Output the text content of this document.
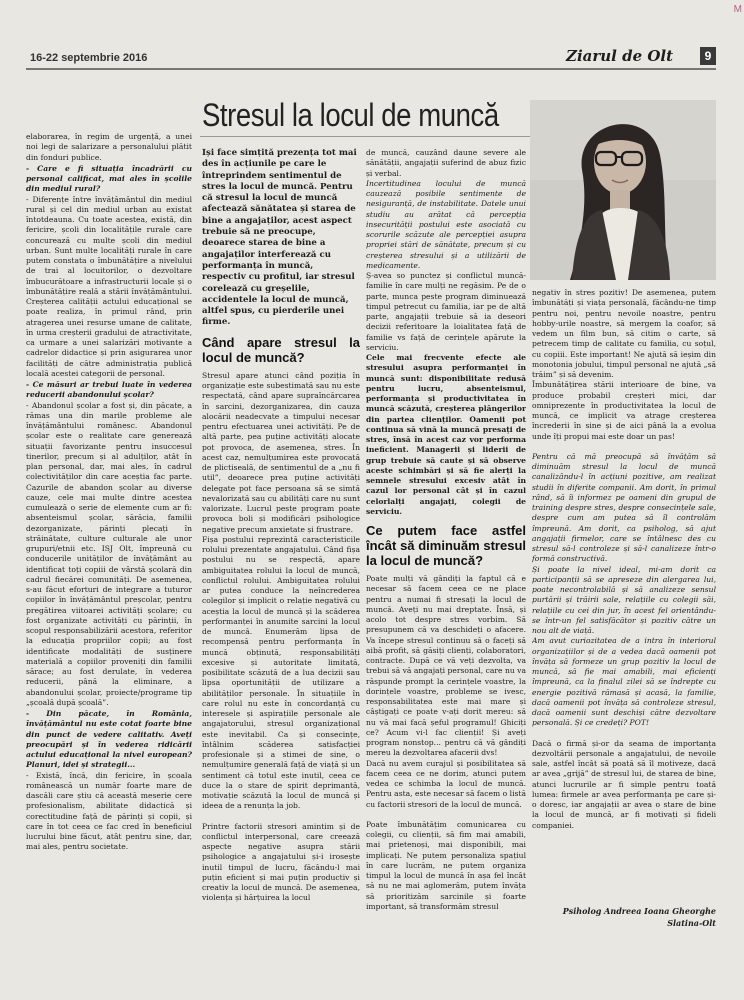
M
16-22 septembrie 2016	Ziarul de Olt	9
Stresul la locul de muncă

elaborarea, în regim de urgență, a unei noi legi de salarizare a personalului plătit din fonduri publice.

- Care e fi situația încadrării cu personal calificat, mai ales în școlile din mediul rural?

- Diferențe între învățământul din mediul rural și cel din mediul urban au existat întotdeauna. Cu toate acestea, există, din fericire, școli din localitățile rurale care concurează cu multe școli din mediul urban. Sunt multe localități rurale în care putem constata o îmbunătățire a nivelului de trai al locuitorilor, o dezvoltare îmbucurătoare a infrastructurii locale și o îmbunătățire reală a stării învățământului. Creșterea calității actului educațional se poate realiza, în primul rând, prin atragerea unei resurse umane de calitate, în urma creșterii gradului de atractivitate, ca urmare a unei salarizări motivante a cadrelor didactice și prin asigurarea unor facilități de către administrația publică locală acestei categorii de personal.

- Ce măsuri ar trebui luate în vederea reducerii abandonului școlar?

- Abandonul școlar a fost și, din păcate, a rămas una din marile probleme ale învățământului românesc. Abandonul școlar este o realitate care generează situații favorizante pentru insuccesul tinerilor, precum și al adulților, atât în plan personal, dar, mai ales, în cadrul colectivităților din care aceștia fac parte. Cazurile de abandon școlar au diverse cauze, cele mai multe dintre acestea cumulează o serie de elemente cum ar fi: absenteismul școlar, sărăcia, familii dezorganizate, părinți plecați în străinătate, culture culturale ale unor grupuri/etnii etc. ISJ Olt, împreună cu conducerile unităților de învățământ au identificat toți copiii de vârstă școlară din cadrul fiecărei comunități. De asemenea, s-au făcut eforturi de integrare a tuturor copiilor în învățământul preșcolar, pentru pregătirea viitoarei activități școlare; cu fost organizate activități cu părinții, în scopul responsabilizării acestora, referitor la educația propriilor copii; au fost identificate modalități de susținere materială a copiilor proveniți din familii sărace; au fost derulate, în vederea reducerii, până la eliminare, a abandonului școlar, proiecte/programe tip „școală după școală”.

- Din păcate, în România, învățământul nu este cotat foarte bine din punct de vedere calitativ. Aveți preocupări și în vederea ridicării actului educațional la nivel european? Planuri, idei și strategii...

- Există, încă, din fericire, în școala românească un număr foarte mare de dascăli care știu că această meserie cere profesionalism, abilitate didactică și corectitudine față de părinți și copii, și care în tot ceea ce fac cred în beneficiul lucrului bine făcut, atât pentru sine, dar, mai ales, pentru societate.

Își face simțită prezența tot mai des în acțiunile pe care le întreprindem sentimentul de stres la locul de muncă. Pentru că stresul la locul de muncă afectează sănătatea și starea de bine a angajaților, acest aspect trebuie să ne preocupe, deoarece starea de bine a angajaților interferează cu performanța în muncă, respectiv cu profitul, iar stresul corelează cu greșelile, accidentele la locul de muncă, altfel spus, cu pierderile unei firme.

Când apare stresul la locul de muncă?

Stresul apare atunci când poziția în organizație este subestimată sau nu este respectată, când apare supraîncărcarea în sarcini, dezorganizarea, din cauza alocării neadecvate a timpului necesar pentru efectuarea unei activități. Pe de altă parte, pea puține activități alocate pot provoca, de asemenea, stres. În acest caz, nemulțumirea este provocată de plictiseală, de sentimentul de a „nu fi util”, deoarece prea puține activități delegate pot face persoana să se simtă nevalorizată sau cu abilități care nu sunt valorizate. Lucrul peste program poate provoca boli și modificări psihologice negative precum anxietate și frustrare.

Fișa postului reprezintă caracteristicile rolului prezentate angajatului. Când fișa postului nu se respectă, apare ambiguitatea rolului la locul de muncă, conflictul rolului. Ambiguitatea rolului ar putea conduce la neîncrederea colegilor și implicit o relație negativă cu aceștia la locul de muncă și la scăderea performanței în anumite sarcini la locul de muncă. Enumerăm lipsa de recompensă pentru performanța în muncă obținută, responsabilități excesive și autoritate limitată, posibilitate scăzută de a lua decizii sau lipsa oportunității de utilizare a abilităților personale. În situațiile în care rolul nu este în concordanță cu interesele și aspirațiile personale ale angajatorului, stresul organizațional este inevitabil. Ca și consecințe, întâlnim scăderea satisfacției profesionale și a stimei de sine, o nemulțumire generală față de viață și un sentiment că totul este inutil, ceea ce duce la o stare de spirit deprimantă, motivație scăzută la locul de muncă și ideea de a renunța la job.

Printre factorii stresori amintim și de conflictul interpersonal, care creează aspecte negative asupra stării psihologice a angajatului și-i irosește inutil timpul de lucru, făcându-l mai puțin eficient și mai puțin productiv și creativ la locul de muncă. De asemenea, violența și hărțuirea la locul

de muncă, cauzând daune severe ale sănătății, angajații suferind de abuz fizic și verbal.

Incertitudinea locului de muncă cauzează posibile sentimente de nesiguranță, de instabilitate. Datele unui studiu au arătat că percepția insecurității postului este asociată cu scorurile scăzute ale percepției asupra propriei stări de sănătate, precum și cu creșterea stresului și a utilizării de medicamente.

Ș-avea so punctez și conflictul muncă-familie în care mulți ne regăsim. Pe de o parte, munca peste program diminuează timpul petrecut cu familia, iar pe de altă parte, angajații trebuie să ia deseori decizii referitoare la loialitatea față de familie vs față de cerințele apărute la serviciu.

Cele mai frecvente efecte ale stresului asupra performanței în muncă sunt: disponibilitate redusă pentru lucru, absenteismul, performanța și productivitatea în muncă scăzută, creșterea plângerilor din partea clienților. Oamenii pot continua să vină la muncă presați de stres, însă în acest caz vor performa ineficient. Managerii și liderii de grup trebuie să caute și să observe aceste schimbări și să fie alerți la semnele stresului excesiv atât în cazul lor personal cât și în cazul celorlalți angajați, colegii de serviciu.

Ce putem face astfel încât să diminuăm stresul la locul de muncă?

Poate mulți vă gândiți la faptul că e necesar să facem ceea ce ne place pentru a numai fi stresați la locul de muncă. Aveți nu mai dreptate. Însă, și acolo tot despre stres vorbim. Să presupunem că va deschideți o afacere. Va începe stresul continuu să o faceți să aibă profit, să găsiți clienți, colaboratori, contracte. După ce vă veți dezvolta, va trebui să vă angajați personal, care nu va răspunde prompt la cerințele voastre, la dorințele voastre, probleme se ivesc, responsabilitatea este mai mare și câștigați ce poate v-ați dorit mereu: să nu vă mai facă șeful programul! Ghiciți ce? Acum vi-l fac clienții! Și aveți program nonstop... pentru că vă gândiți mereu la dezvoltarea afacerii dvs!

Dacă nu avem curajul și posibilitatea să facem ceea ce ne dorim, atunci putem vedea ce schimba la locul de muncă. Pentru asta, este necesar să facem o listă cu factorii stresori de la locul de muncă.

Poate îmbunătățim comunicarea cu colegii, cu clienții, să fim mai amabili, mai prietenoși, mai disponibili, mai implicați. Ne putem personaliza spațiul în care lucrăm, ne putem organiza timpul la locul de muncă în așa fel încât să nu ne mai aglomerăm, putem învăța să prioritizăm sarcinile și foarte important, să transformăm stresul

negativ în stres pozitiv! De asemenea, putem îmbunătăți și viața personală, făcându-ne timp pentru noi, pentru nevoile noastre, pentru hobby-urile noastre, să mergem la coafor, să vedem un film bun, să citim o carte, să petrecem timp de calitate cu familia, cu soțul, cu copiii. Este important! Ne ajută să ieșim din monotonia jobului, timpul personal ne ajută „să trăim” și să devenim.

Îmbunătățirea stării interioare de bine, va produce probabil creșteri mici, dar omniprezente în productivitatea la locul de muncă, ce implicit va atrage creșterea încrederii în sine și de aici până la a evolua unde îți propui mai este doar un pas!

Pentru că mă preocupă să învățăm să diminuăm stresul la locul de muncă canalizându-l în acțiuni pozitive, am realizat studii în diferite companii. Am dorit, în primul rând, să îi informez pe oameni din grupul de training despre stres, despre consecințele sale, despre cum am putea să îl controlăm împreună. Am dorit, ca psiholog, să ajut angajații firmelor, care se întâlnesc des cu stresul să-l controleze și să-l canalizeze într-o formă constructivă.

Și poate la nivel ideal, mi-am dorit ca participanții să se apreseze din alergarea lui, poate necontrolabilă și să analizeze sensul purtării și trăirii sale, relațiile cu colegii săi, relațiile cu cei din jur, în acest fel orientându-se într-un fel satisfăcător și pozitiv către un nou alt de viață.

Am avut curiozitatea de a intra în interiorul organizațiilor și de a vedea dacă oamenii pot învăța să formeze un grup pozitiv la locul de muncă, să fie mai amabili, mai eficienți împreună, ca la finalul zilei să se îndrepte cu energie pozitivă rămasă și acasă, la familie, dacă oamenii pot învăța să controleze stresul, dacă oamenii sunt deschiși către dezvoltare personală. Și ce credeți? POT!

Dacă o firmă și-or da seama de importanța dezvoltării personale a angajatului, de nevoile sale, astfel încât să poată să îl motiveze, dacă ar avea „grijă” de stresul lui, de starea de bine, atunci lucrurile ar fi simple pentru toată lumea: firmele ar avea performanța pe care și-o doresc, iar angajații ar avea o stare de bine la locul de muncă, ar fi motivați și fideli companiei.

Psiholog Andreea Ioana Gheorghe
Slatina-Olt
